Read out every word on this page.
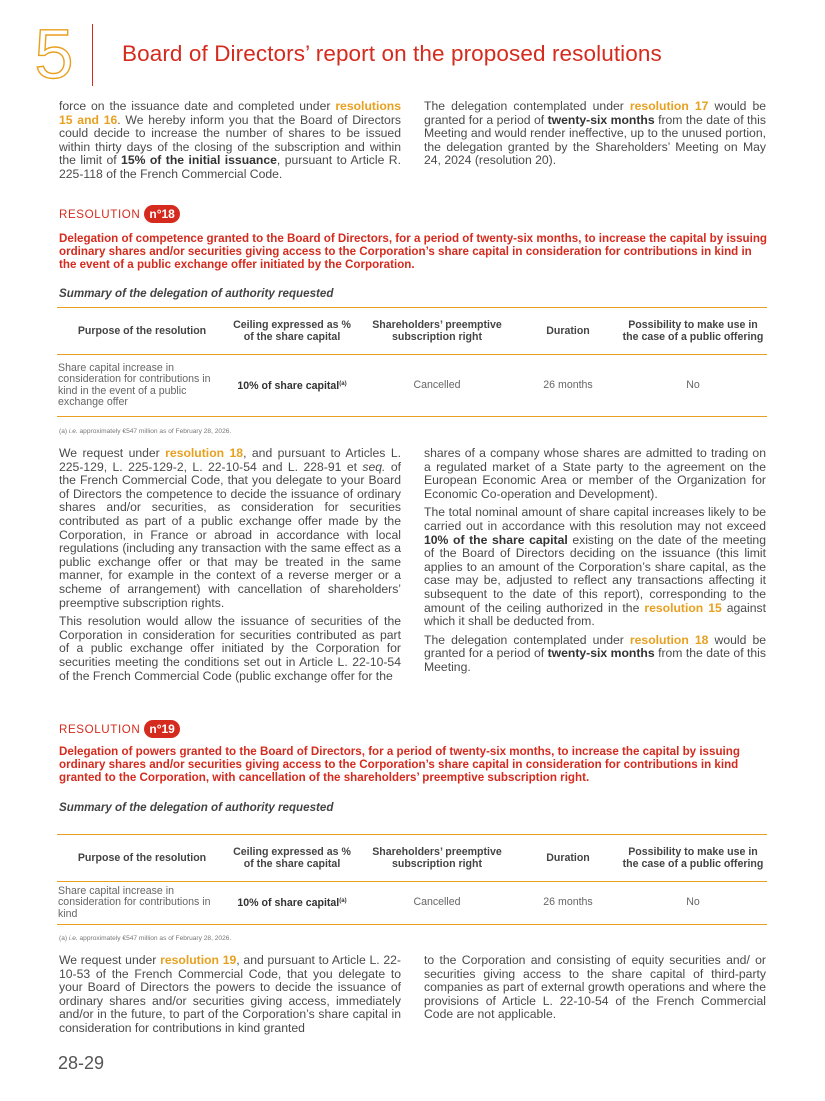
5 Board of Directors’ report on the proposed resolutions

force on the issuance date and completed under resolutions 15 and 16. We hereby inform you that the Board of Directors could decide to increase the number of shares to be issued within thirty days of the closing of the subscription and within the limit of 15% of the initial issuance, pursuant to Article R. 225-118 of the French Commercial Code.

The delegation contemplated under resolution 17 would be granted for a period of twenty-six months from the date of this Meeting and would render ineffective, up to the unused portion, the delegation granted by the Shareholders’ Meeting on May 24, 2024 (resolution 20).

RESOLUTION n°18
Delegation of competence granted to the Board of Directors, for a period of twenty-six months, to increase the capital by issuing ordinary shares and/or securities giving access to the Corporation’s share capital in consideration for contributions in kind in the event of a public exchange offer initiated by the Corporation.
Summary of the delegation of authority requested
Purpose of the resolution	Ceiling expressed as % of the share capital	Shareholders’ preemptive subscription right	Duration	Possibility to make use in the case of a public offering
Share capital increase in consideration for contributions in kind in the event of a public exchange offer	10% of share capital$^{(a)}$	Cancelled	26 months	No
(a) i.e. approximately €547 million as of February 28, 2026.

We request under resolution 18, and pursuant to Articles L. 225-129, L. 225-129-2, L. 22-10-54 and L. 228-91 et seq. of the French Commercial Code, that you delegate to your Board of Directors the competence to decide the issuance of ordinary shares and/or securities, as consideration for securities contributed as part of a public exchange offer made by the Corporation, in France or abroad in accordance with local regulations (including any transaction with the same effect as a public exchange offer or that may be treated in the same manner, for example in the context of a reverse merger or a scheme of arrangement) with cancellation of shareholders’ preemptive subscription rights.

This resolution would allow the issuance of securities of the Corporation in consideration for securities contributed as part of a public exchange offer initiated by the Corporation for securities meeting the conditions set out in Article L. 22-10-54 of the French Commercial Code (public exchange offer for the

shares of a company whose shares are admitted to trading on a regulated market of a State party to the agreement on the European Economic Area or member of the Organization for Economic Co-operation and Development).

The total nominal amount of share capital increases likely to be carried out in accordance with this resolution may not exceed 10% of the share capital existing on the date of the meeting of the Board of Directors deciding on the issuance (this limit applies to an amount of the Corporation’s share capital, as the case may be, adjusted to reflect any transactions affecting it subsequent to the date of this report), corresponding to the amount of the ceiling authorized in the resolution 15 against which it shall be deducted from.

The delegation contemplated under resolution 18 would be granted for a period of twenty-six months from the date of this Meeting.

RESOLUTION n°19
Delegation of powers granted to the Board of Directors, for a period of twenty-six months, to increase the capital by issuing ordinary shares and/or securities giving access to the Corporation’s share capital in consideration for contributions in kind granted to the Corporation, with cancellation of the shareholders’ preemptive subscription right.
Summary of the delegation of authority requested
Purpose of the resolution	Ceiling expressed as % of the share capital	Shareholders’ preemptive subscription right	Duration	Possibility to make use in the case of a public offering
Share capital increase in consideration for contributions in kind	10% of share capital$^{(a)}$	Cancelled	26 months	No
(a) i.e. approximately €547 million as of February 28, 2026.

We request under resolution 19, and pursuant to Article L. 22-10-53 of the French Commercial Code, that you delegate to your Board of Directors the powers to decide the issuance of ordinary shares and/or securities giving access, immediately and/or in the future, to part of the Corporation’s share capital in consideration for contributions in kind granted

to the Corporation and consisting of equity securities and/ or securities giving access to the share capital of third-party companies as part of external growth operations and where the provisions of Article L. 22-10-54 of the French Commercial Code are not applicable.

28-29
